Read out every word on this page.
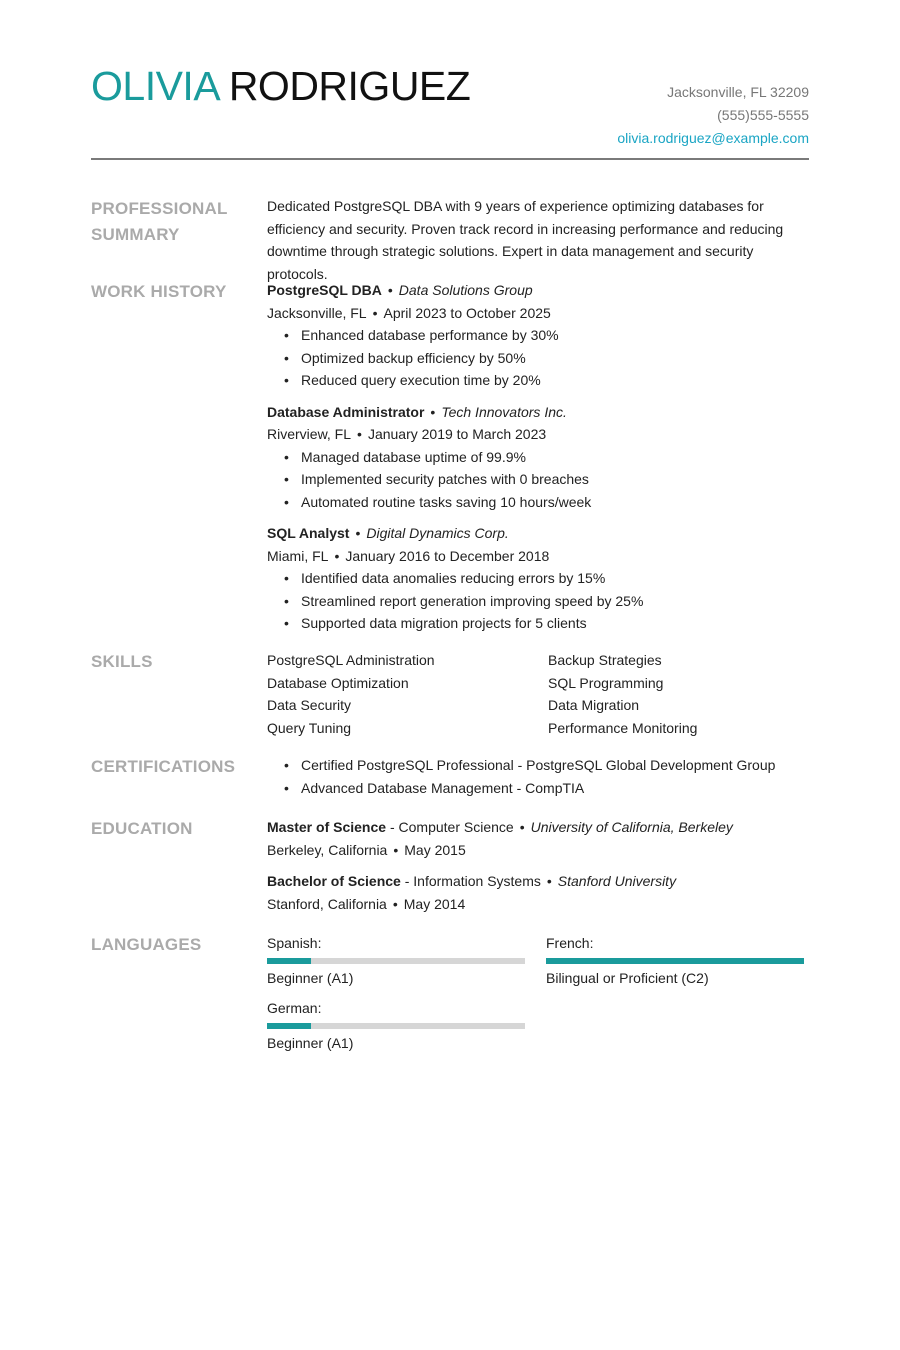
OLIVIA RODRIGUEZ	Jacksonville, FL 32209
(555)555-5555
olivia.rodriguez@example.com
PROFESSIONAL SUMMARY

Dedicated PostgreSQL DBA with 9 years of experience optimizing databases for efficiency and security. Proven track record in increasing performance and reducing downtime through strategic solutions. Expert in data management and security protocols.

WORK HISTORY	PostgreSQL DBA • Data Solutions Group
Jacksonville, FL • April 2023 to October 2025
• Enhanced database performance by 30%
• Optimized backup efficiency by 50%
• Reduced query execution time by 20%
Database Administrator • Tech Innovators Inc.
Riverview, FL • January 2019 to March 2023
• Managed database uptime of 99.9%
• Implemented security patches with 0 breaches
• Automated routine tasks saving 10 hours/week
SQL Analyst • Digital Dynamics Corp.
Miami, FL • January 2016 to December 2018
• Identified data anomalies reducing errors by 15%
• Streamlined report generation improving speed by 25%
• Supported data migration projects for 5 clients
SKILLS	PostgreSQL Administration	Backup Strategies
Database Optimization	SQL Programming
Data Security	Data Migration
Query Tuning	Performance Monitoring
CERTIFICATIONS
•	Certified PostgreSQL Professional - PostgreSQL Global Development Group
• Advanced Database Management - CompTIA
EDUCATION	Master of Science - Computer Science • University of California, Berkeley
Berkeley, California • May 2015
Bachelor of Science - Information Systems • Stanford University
Stanford, California • May 2014
LANGUAGES	Spanish:
Beginner (A1)
French:
Bilingual or Proficient (C2)
German:
Beginner (A1)
